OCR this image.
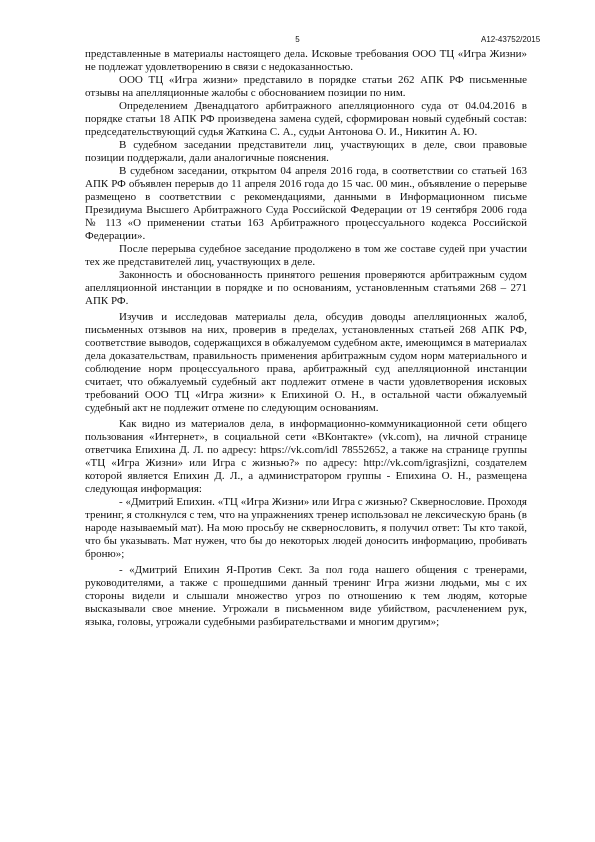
5	А12-43752/2015

представленные в материалы настоящего дела. Исковые требования ООО ТЦ «Игра Жизни» не подлежат удовлетворению в связи с недоказанностью.

ООО ТЦ «Игра жизни» представило в порядке статьи 262 АПК РФ письменные отзывы на апелляционные жалобы с обоснованием позиции по ним.

Определением Двенадцатого арбитражного апелляционного суда от 04.04.2016 в порядке статьи 18 АПК РФ произведена замена судей, сформирован новый судебный состав: председательствующий судья Жаткина С. А., судьи Антонова О. И., Никитин А. Ю.

В судебном заседании представители лиц, участвующих в деле, свои правовые позиции поддержали, дали аналогичные пояснения.

В судебном заседании, открытом 04 апреля 2016 года, в соответствии со статьей 163 АПК РФ объявлен перерыв до 11 апреля 2016 года до 15 час. 00 мин., объявление о перерыве размещено в соответствии с рекомендациями, данными в Информационном письме Президиума Высшего Арбитражного Суда Российской Федерации от 19 сентября 2006 года № 113 «О применении статьи 163 Арбитражного процессуального кодекса Российской Федерации».

После перерыва судебное заседание продолжено в том же составе судей при участии тех же представителей лиц, участвующих в деле.

Законность и обоснованность принятого решения проверяются арбитражным судом апелляционной инстанции в порядке и по основаниям, установленным статьями 268 – 271 АПК РФ.

Изучив и исследовав материалы дела, обсудив доводы апелляционных жалоб, письменных отзывов на них, проверив в пределах, установленных статьей 268 АПК РФ, соответствие выводов, содержащихся в обжалуемом судебном акте, имеющимся в материалах дела доказательствам, правильность применения арбитражным судом норм материального и соблюдение норм процессуального права, арбитражный суд апелляционной инстанции считает, что обжалуемый судебный акт подлежит отмене в части удовлетворения исковых требований ООО ТЦ «Игра жизни» к Епихиной О. Н., в остальной части обжалуемый судебный акт не подлежит отмене по следующим основаниям.

Как видно из материалов дела, в информационно-коммуникационной сети общего пользования «Интернет», в социальной сети «ВКонтакте» (vk.com), на личной странице ответчика Епихина Д. Л. по адресу: https://vk.com/idl 78552652, а также на странице группы «ТЦ «Игра Жизни» или Игра с жизнью?» по адресу: http://vk.com/igrasjizni, создателем которой является Епихин Д. Л., а администратором группы - Епихина О. Н., размещена следующая информация:

- «Дмитрий Епихин. «ТЦ «Игра Жизни» или Игра с жизнью? Сквернословие. Проходя тренинг, я столкнулся с тем, что на упражнениях тренер использовал не лексическую брань (в народе называемый мат). На мою просьбу не сквернословить, я получил ответ: Ты кто такой, что бы указывать. Мат нужен, что бы до некоторых людей доносить информацию, пробивать броню»;

- «Дмитрий Епихин Я-Против Сект. За пол года нашего общения с тренерами, руководителями, а также с прошедшими данный тренинг Игра жизни людьми, мы с их стороны видели и слышали множество угроз по отношению к тем людям, которые высказывали свое мнение. Угрожали в письменном виде убийством, расчленением рук, языка, головы, угрожали судебными разбирательствами и многим другим»;
